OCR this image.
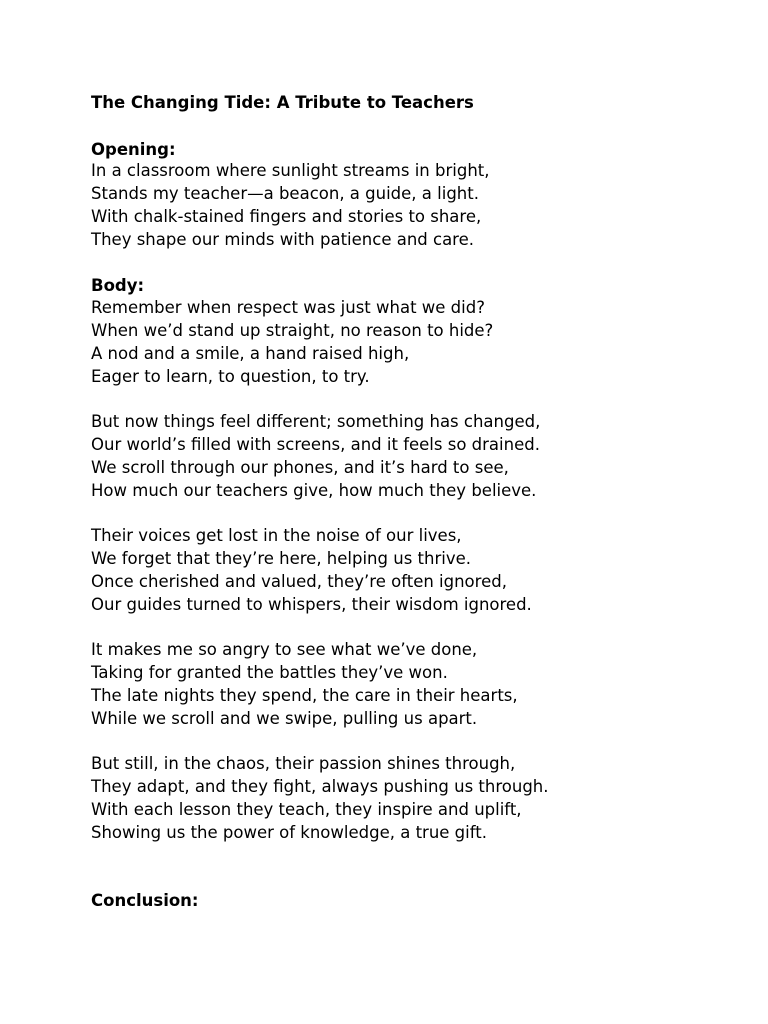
The Changing Tide: A Tribute to Teachers
Opening:
In a classroom where sunlight streams in bright,
Stands my teacher—a beacon, a guide, a light.
With chalk-stained fingers and stories to share,
They shape our minds with patience and care.
Body:
Remember when respect was just what we did?
When we’d stand up straight, no reason to hide?
A nod and a smile, a hand raised high,
Eager to learn, to question, to try.
But now things feel different; something has changed,
Our world’s filled with screens, and it feels so drained.
We scroll through our phones, and it’s hard to see,
How much our teachers give, how much they believe.
Their voices get lost in the noise of our lives,
We forget that they’re here, helping us thrive.
Once cherished and valued, they’re often ignored,
Our guides turned to whispers, their wisdom ignored.
It makes me so angry to see what we’ve done,
Taking for granted the battles they’ve won.
The late nights they spend, the care in their hearts,
While we scroll and we swipe, pulling us apart.
But still, in the chaos, their passion shines through,
They adapt, and they fight, always pushing us through.
With each lesson they teach, they inspire and uplift,
Showing us the power of knowledge, a true gift.
Conclusion:
